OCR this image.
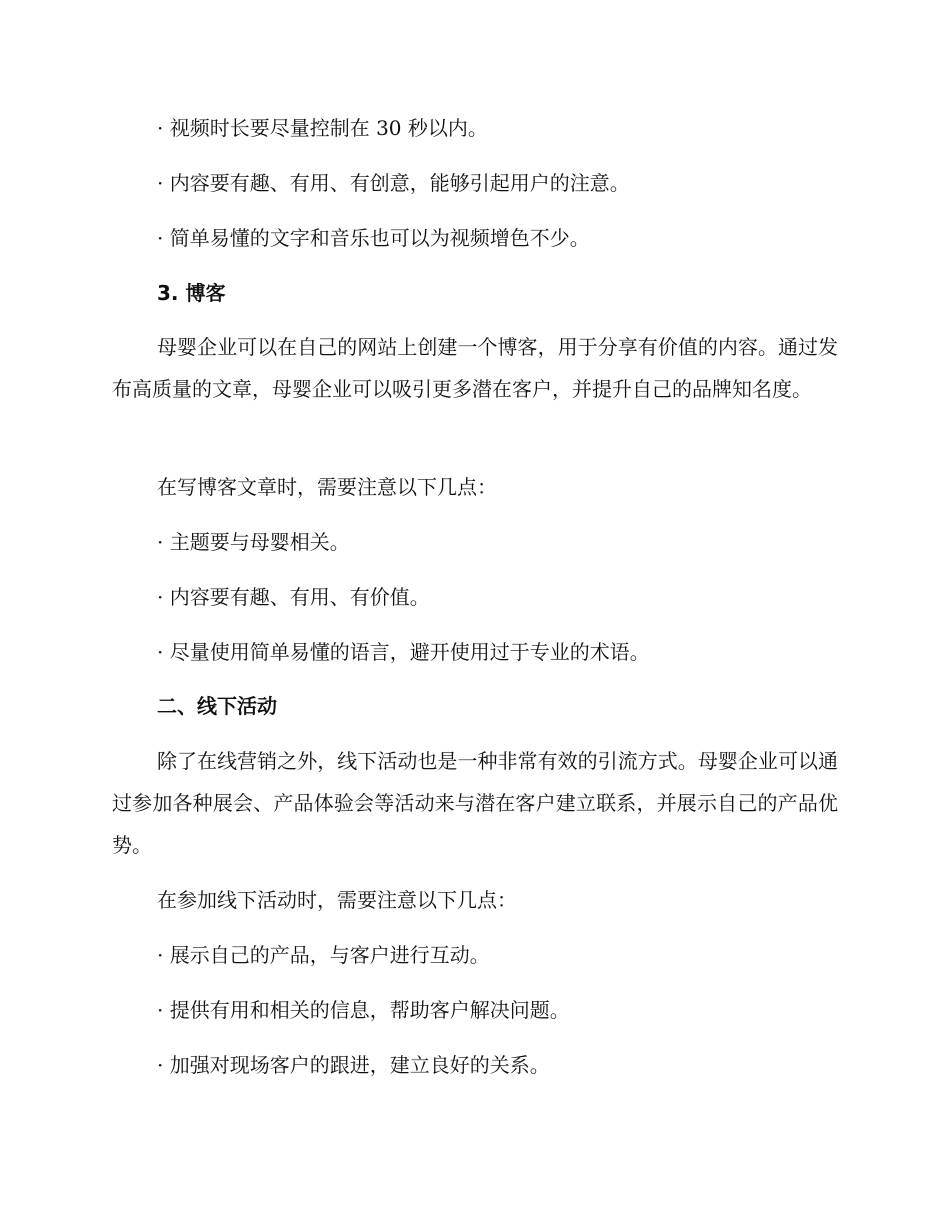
· 视频时长要尽量控制在 30 秒以内。
· 内容要有趣、有用、有创意，能够引起用户的注意。
· 简单易懂的文字和音乐也可以为视频增色不少。
3. 博客
母婴企业可以在自己的网站上创建一个博客，用于分享有价值的内容。通过发布高质量的文章，母婴企业可以吸引更多潜在客户，并提升自己的品牌知名度。
在写博客文章时，需要注意以下几点：
· 主题要与母婴相关。
· 内容要有趣、有用、有价值。
· 尽量使用简单易懂的语言，避开使用过于专业的术语。
二、线下活动
除了在线营销之外，线下活动也是一种非常有效的引流方式。母婴企业可以通过参加各种展会、产品体验会等活动来与潜在客户建立联系，并展示自己的产品优势。
在参加线下活动时，需要注意以下几点：
· 展示自己的产品，与客户进行互动。
· 提供有用和相关的信息，帮助客户解决问题。
· 加强对现场客户的跟进，建立良好的关系。
